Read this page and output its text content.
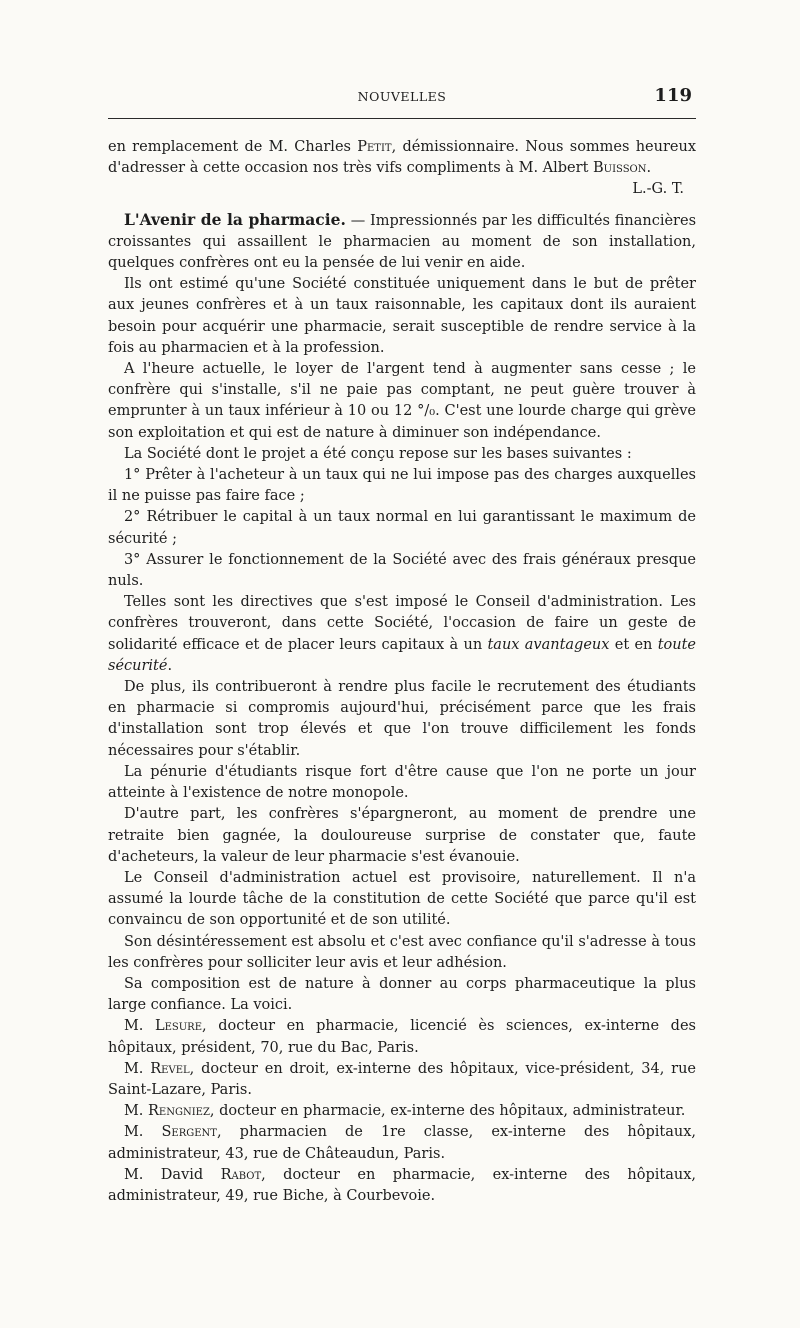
NOUVELLES	119

en remplacement de M. Charles Petit, démissionnaire. Nous sommes heureux d'adresser à cette occasion nos très vifs compliments à M. Albert Buisson.

L.-G. T.

L'Avenir de la pharmacie. — Impressionnés par les difficultés financières croissantes qui assaillent le pharmacien au moment de son installation, quelques confrères ont eu la pensée de lui venir en aide.

Ils ont estimé qu'une Société constituée uniquement dans le but de prêter aux jeunes confrères et à un taux raisonnable, les capitaux dont ils auraient besoin pour acquérir une pharmacie, serait susceptible de rendre service à la fois au pharmacien et à la profession.

A l'heure actuelle, le loyer de l'argent tend à augmenter sans cesse ; le confrère qui s'installe, s'il ne paie pas comptant, ne peut guère trouver à emprunter à un taux inférieur à 10 ou 12 °/₀. C'est une lourde charge qui grève son exploitation et qui est de nature à diminuer son indépendance.

La Société dont le projet a été conçu repose sur les bases suivantes :

1° Prêter à l'acheteur à un taux qui ne lui impose pas des charges auxquelles il ne puisse pas faire face ;

2° Rétribuer le capital à un taux normal en lui garantissant le maximum de sécurité ;

3° Assurer le fonctionnement de la Société avec des frais généraux presque nuls.

Telles sont les directives que s'est imposé le Conseil d'administration. Les confrères trouveront, dans cette Société, l'occasion de faire un geste de solidarité efficace et de placer leurs capitaux à un taux avantageux et en toute sécurité.

De plus, ils contribueront à rendre plus facile le recrutement des étudiants en pharmacie si compromis aujourd'hui, précisément parce que les frais d'installation sont trop élevés et que l'on trouve difficilement les fonds nécessaires pour s'établir.

La pénurie d'étudiants risque fort d'être cause que l'on ne porte un jour atteinte à l'existence de notre monopole.

D'autre part, les confrères s'épargneront, au moment de prendre une retraite bien gagnée, la douloureuse surprise de constater que, faute d'acheteurs, la valeur de leur pharmacie s'est évanouie.

Le Conseil d'administration actuel est provisoire, naturellement. Il n'a assumé la lourde tâche de la constitution de cette Société que parce qu'il est convaincu de son opportunité et de son utilité.

Son désintéressement est absolu et c'est avec confiance qu'il s'adresse à tous les confrères pour solliciter leur avis et leur adhésion.

Sa composition est de nature à donner au corps pharmaceutique la plus large confiance. La voici.

M. Lesure, docteur en pharmacie, licencié ès sciences, ex-interne des hôpitaux, président, 70, rue du Bac, Paris.

M. Revel, docteur en droit, ex-interne des hôpitaux, vice-président, 34, rue Saint-Lazare, Paris.

M. Rengniez, docteur en pharmacie, ex-interne des hôpitaux, administrateur.

M. Sergent, pharmacien de 1re classe, ex-interne des hôpitaux, administrateur, 43, rue de Châteaudun, Paris.

M. David Rabot, docteur en pharmacie, ex-interne des hôpitaux, administrateur, 49, rue Biche, à Courbevoie.
